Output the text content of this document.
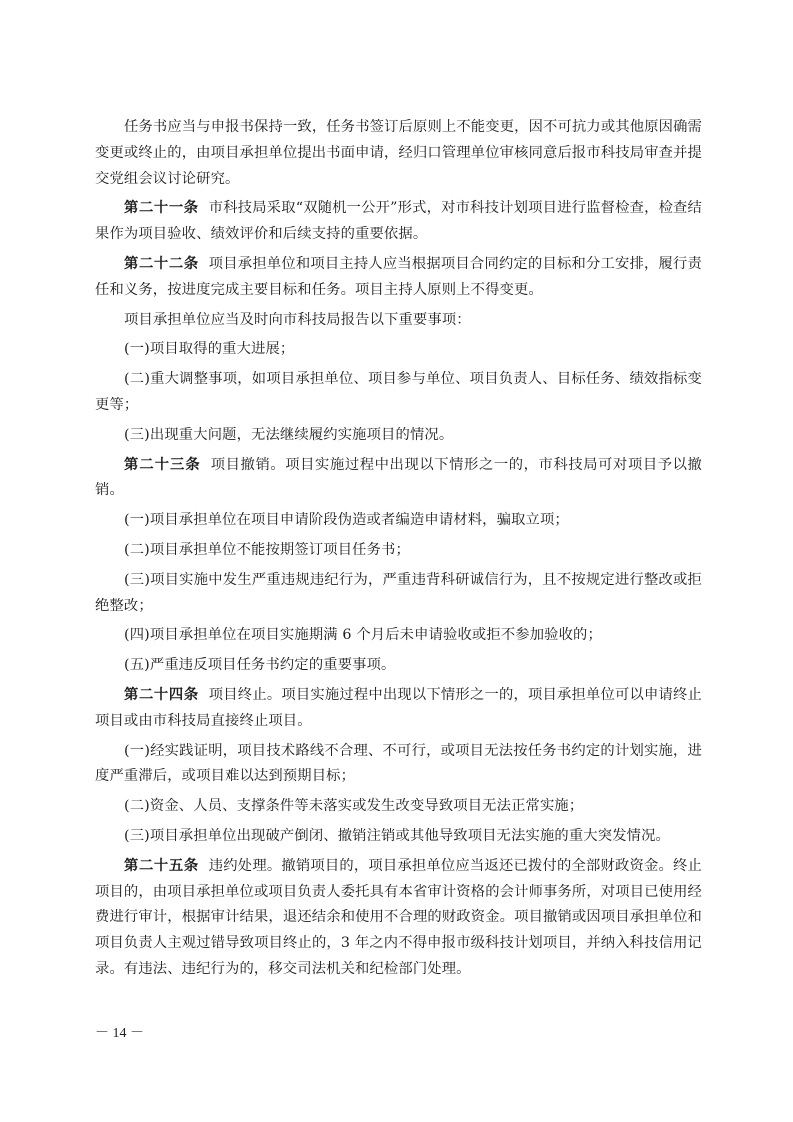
任务书应当与申报书保持一致，任务书签订后原则上不能变更，因不可抗力或其他原因确需变更或终止的，由项目承担单位提出书面申请，经归口管理单位审核同意后报市科技局审查并提交党组会议讨论研究。

第二十一条 市科技局采取“双随机一公开”形式，对市科技计划项目进行监督检查，检查结果作为项目验收、绩效评价和后续支持的重要依据。

第二十二条 项目承担单位和项目主持人应当根据项目合同约定的目标和分工安排，履行责任和义务，按进度完成主要目标和任务。项目主持人原则上不得变更。

项目承担单位应当及时向市科技局报告以下重要事项：

(一)项目取得的重大进展；

(二)重大调整事项，如项目承担单位、项目参与单位、项目负责人、目标任务、绩效指标变更等；

(三)出现重大问题，无法继续履约实施项目的情况。

第二十三条 项目撤销。项目实施过程中出现以下情形之一的，市科技局可对项目予以撤销。

(一)项目承担单位在项目申请阶段伪造或者编造申请材料，骗取立项；

(二)项目承担单位不能按期签订项目任务书；

(三)项目实施中发生严重违规违纪行为，严重违背科研诚信行为，且不按规定进行整改或拒绝整改；

(四)项目承担单位在项目实施期满 6 个月后未申请验收或拒不参加验收的；

(五)严重违反项目任务书约定的重要事项。

第二十四条 项目终止。项目实施过程中出现以下情形之一的，项目承担单位可以申请终止项目或由市科技局直接终止项目。

(一)经实践证明，项目技术路线不合理、不可行，或项目无法按任务书约定的计划实施，进度严重滞后，或项目难以达到预期目标；

(二)资金、人员、支撑条件等未落实或发生改变导致项目无法正常实施；

(三)项目承担单位出现破产倒闭、撤销注销或其他导致项目无法实施的重大突发情况。

第二十五条 违约处理。撤销项目的，项目承担单位应当返还已拨付的全部财政资金。终止项目的，由项目承担单位或项目负责人委托具有本省审计资格的会计师事务所，对项目已使用经费进行审计，根据审计结果，退还结余和使用不合理的财政资金。项目撤销或因项目承担单位和项目负责人主观过错导致项目终止的，3 年之内不得申报市级科技计划项目，并纳入科技信用记录。有违法、违纪行为的，移交司法机关和纪检部门处理。

－ 14 －
